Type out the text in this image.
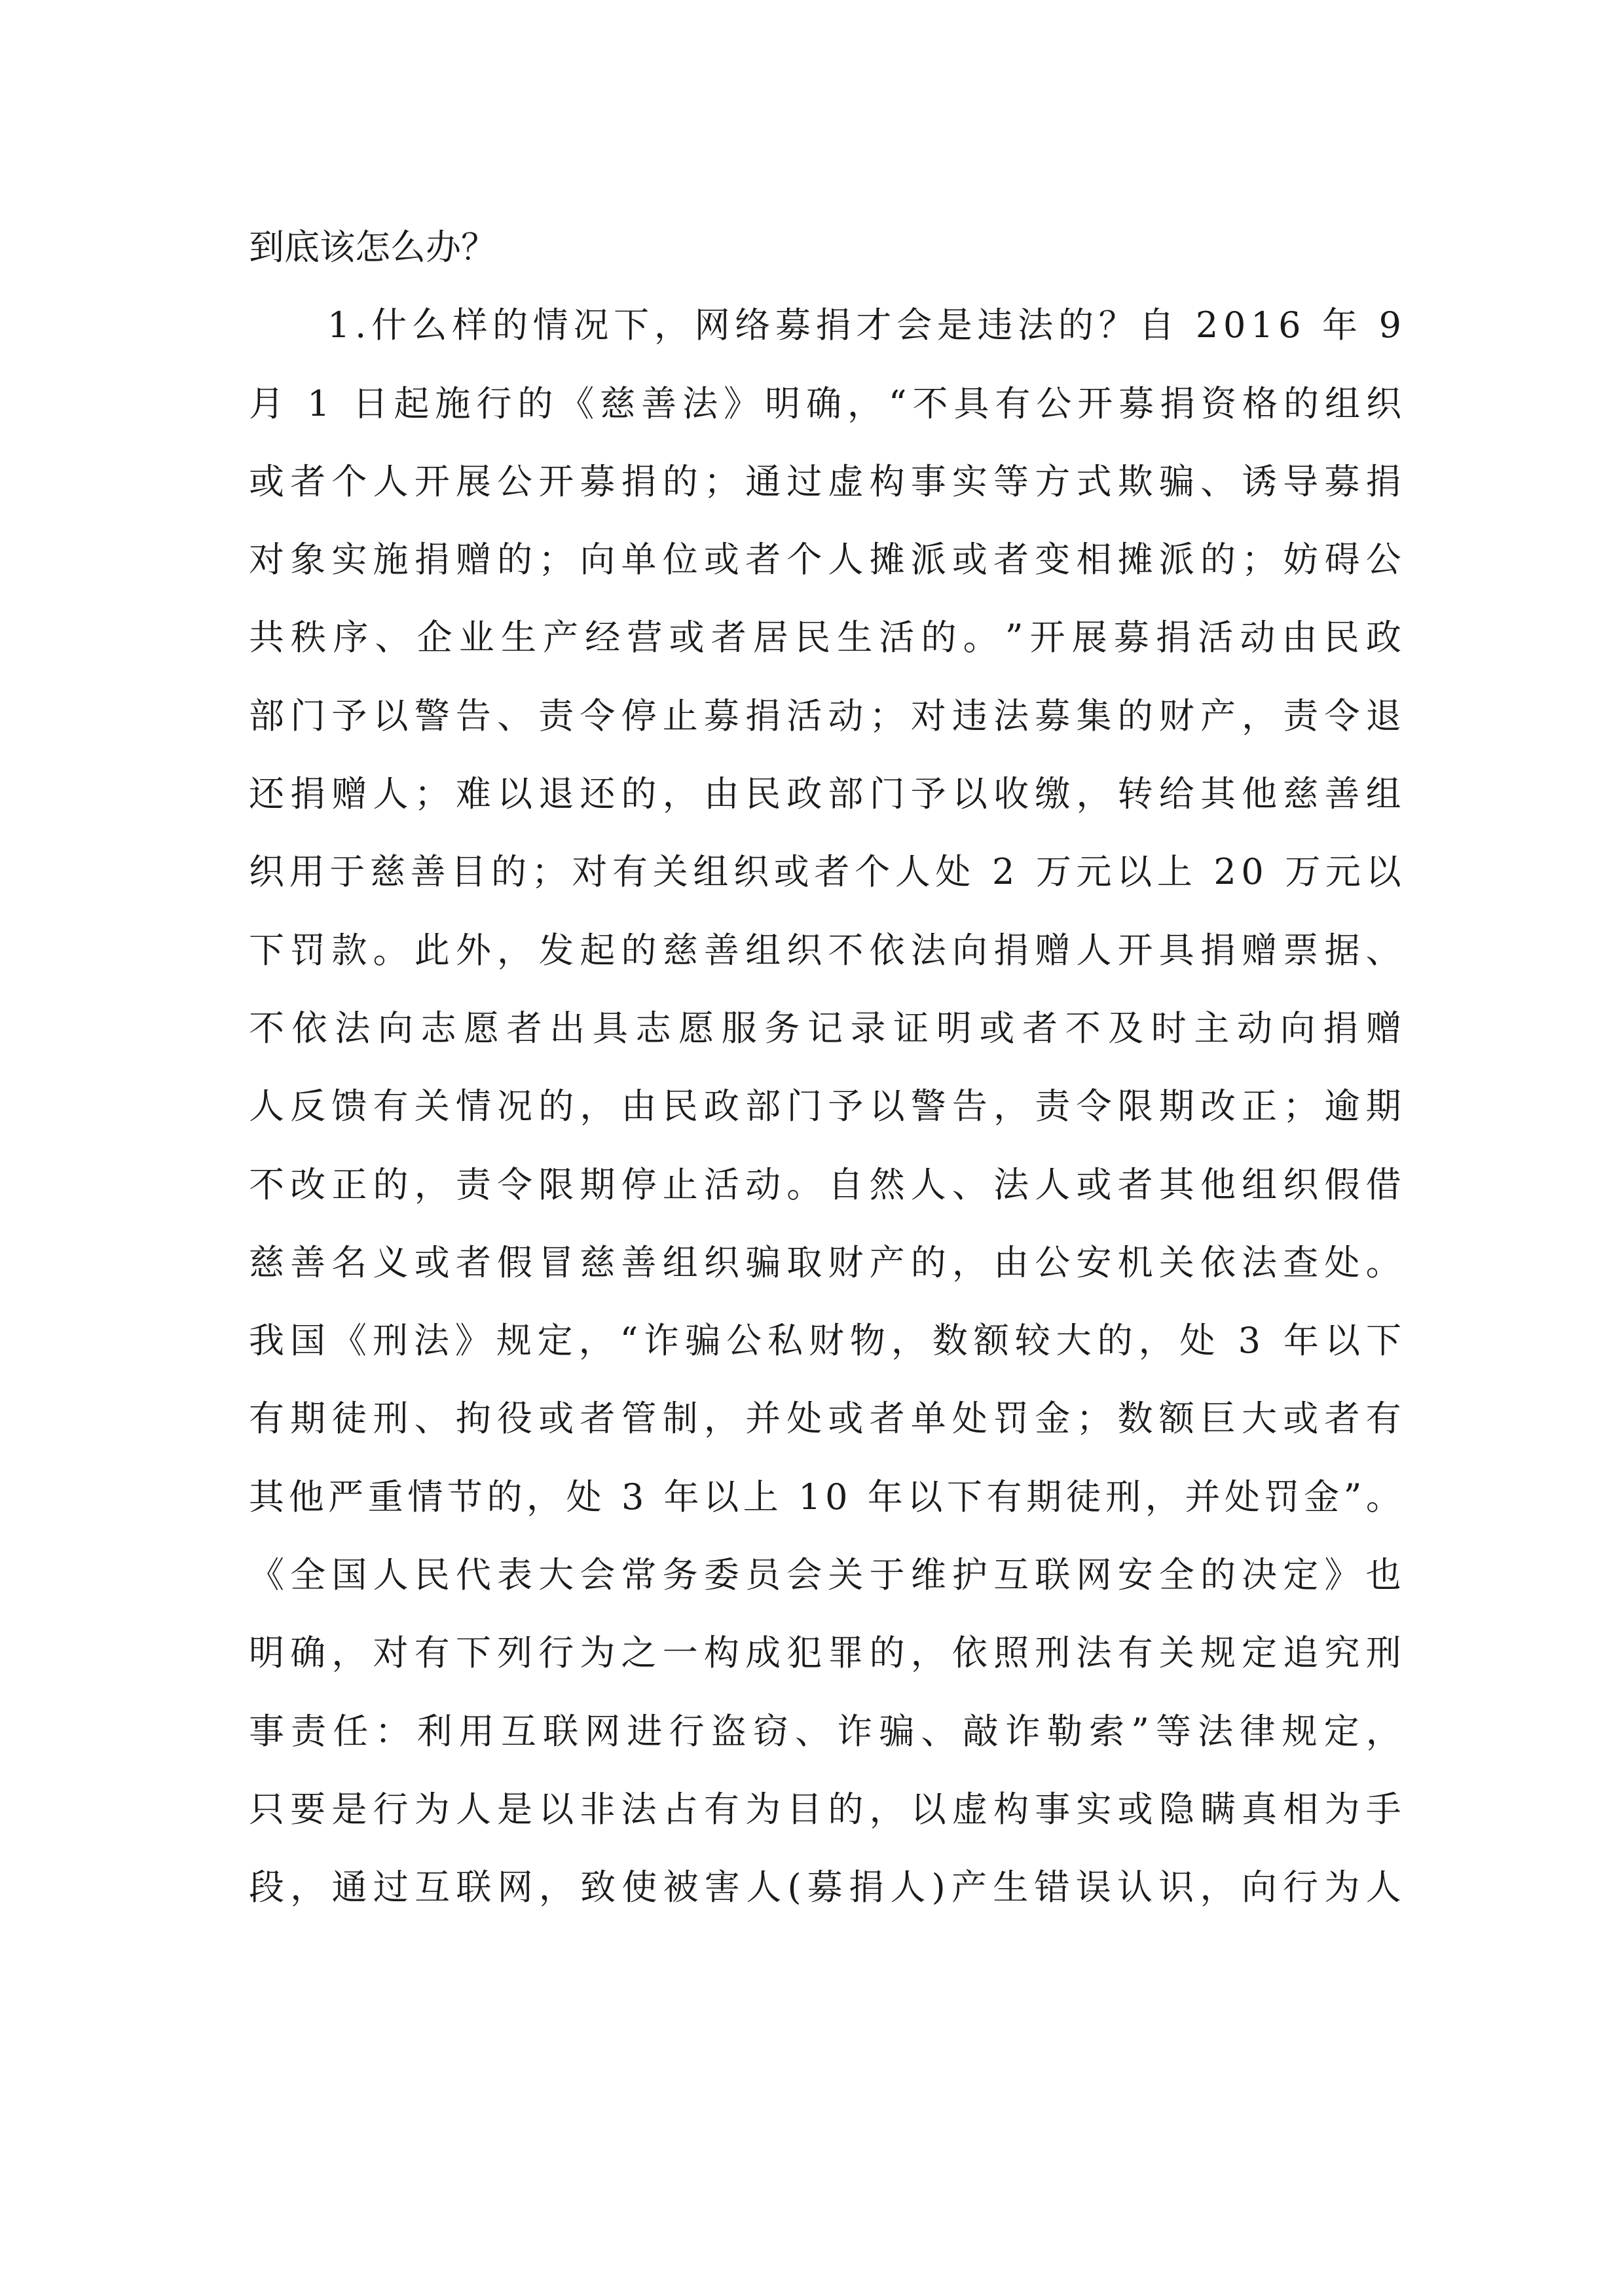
到底该怎么办？
1 . 什 么 样 的 情 况 下 ， 网 络 募 捐 才 会 是 违 法 的 ？ 自
2 0 1 6
年
9
月
1
日 起 施 行 的 《 慈 善 法 》 明 确 ， “ 不 具 有 公 开 募 捐 资 格 的 组 织
或 者 个 人 开 展 公 开 募 捐 的 ； 通 过 虚 构 事 实 等 方 式 欺 骗 、 诱 导 募 捐
对 象 实 施 捐 赠 的 ； 向 单 位 或 者 个 人 摊 派 或 者 变 相 摊 派 的 ； 妨 碍 公
共 秩 序 、 企 业 生 产 经 营 或 者 居 民 生 活 的 。 ” 开 展 募 捐 活 动 由 民 政
部 门 予 以 警 告 、 责 令 停 止 募 捐 活 动 ； 对 违 法 募 集 的 财 产 ， 责 令 退
还 捐 赠 人 ； 难 以 退 还 的 ， 由 民 政 部 门 予 以 收 缴 ， 转 给 其 他 慈 善 组
织 用 于 慈 善 目 的 ； 对 有 关 组 织 或 者 个 人 处
2
万 元 以 上
2 0
万 元 以
下 罚 款 。 此 外 ， 发 起 的 慈 善 组 织 不 依 法 向 捐 赠 人 开 具 捐 赠 票 据 、
不 依 法 向 志 愿 者 出 具 志 愿 服 务 记 录 证 明 或 者 不 及 时 主 动 向 捐 赠
人 反 馈 有 关 情 况 的 ， 由 民 政 部 门 予 以 警 告 ， 责 令 限 期 改 正 ； 逾 期
不 改 正 的 ， 责 令 限 期 停 止 活 动 。 自 然 人 、 法 人 或 者 其 他 组 织 假 借
慈 善 名 义 或 者 假 冒 慈 善 组 织 骗 取 财 产 的 ， 由 公 安 机 关 依 法 查 处 。
我 国 《 刑 法 》 规 定 ， “ 诈 骗 公 私 财 物 ， 数 额 较 大 的 ， 处
3
年 以 下
有 期 徒 刑 、 拘 役 或 者 管 制 ， 并 处 或 者 单 处 罚 金 ； 数 额 巨 大 或 者 有
其 他 严 重 情 节 的 ， 处
3
年 以 上
1 0
年 以 下 有 期 徒 刑 ， 并 处 罚 金 ” 。
《 全 国 人 民 代 表 大 会 常 务 委 员 会 关 于 维 护 互 联 网 安 全 的 决 定 》 也
明 确 ， 对 有 下 列 行 为 之 一 构 成 犯 罪 的 ， 依 照 刑 法 有 关 规 定 追 究 刑
事 责 任 ： 利 用 互 联 网 进 行 盗 窃 、 诈 骗 、 敲 诈 勒 索 ” 等 法 律 规 定 ，
只 要 是 行 为 人 是 以 非 法 占 有 为 目 的 ， 以 虚 构 事 实 或 隐 瞒 真 相 为 手
段 ， 通 过 互 联 网 ， 致 使 被 害 人 ( 募 捐 人 ) 产 生 错 误 认 识 ， 向 行 为 人
